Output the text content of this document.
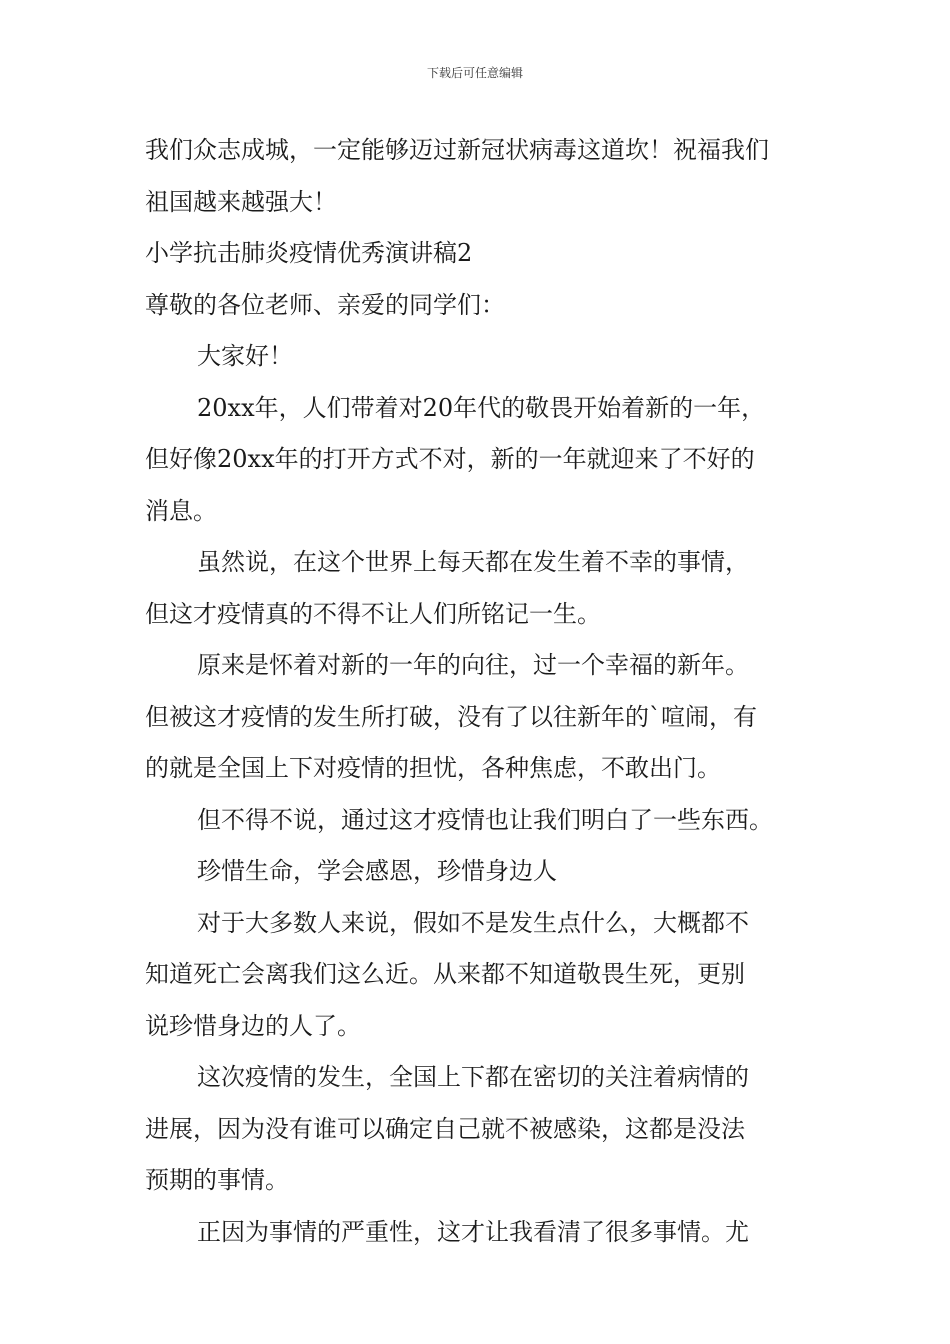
下载后可任意编辑
我们众志成城，一定能够迈过新冠状病毒这道坎！祝福我们
祖国越来越强大！
小学抗击肺炎疫情优秀演讲稿2
尊敬的各位老师、亲爱的同学们：
大家好！
20xx年，人们带着对20年代的敬畏开始着新的一年，
但好像20xx年的打开方式不对，新的一年就迎来了不好的
消息。
虽然说，在这个世界上每天都在发生着不幸的事情，
但这才疫情真的不得不让人们所铭记一生。
原来是怀着对新的一年的向往，过一个幸福的新年。
但被这才疫情的发生所打破，没有了以往新年的`喧闹，有
的就是全国上下对疫情的担忧，各种焦虑，不敢出门。
但不得不说，通过这才疫情也让我们明白了一些东西。
珍惜生命，学会感恩，珍惜身边人
对于大多数人来说，假如不是发生点什么，大概都不
知道死亡会离我们这么近。从来都不知道敬畏生死，更别
说珍惜身边的人了。
这次疫情的发生，全国上下都在密切的关注着病情的
进展，因为没有谁可以确定自己就不被感染，这都是没法
预期的事情。
正因为事情的严重性，这才让我看清了很多事情。尤
